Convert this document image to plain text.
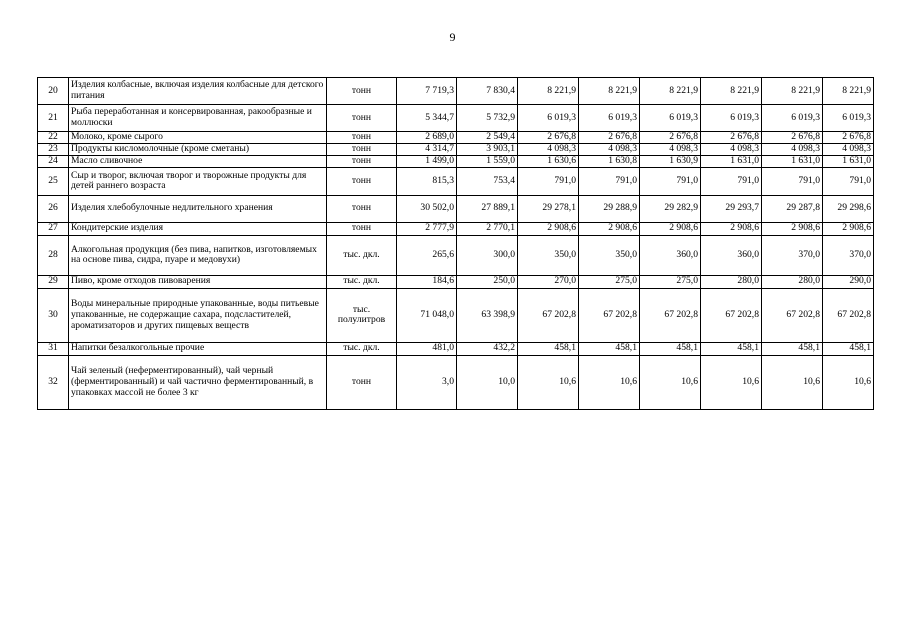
9
20	Изделия колбасные, включая изделия колбасные для детского питания	тонн	7 719,3	7 830,4	8 221,9	8 221,9	8 221,9	8 221,9	8 221,9	8 221,9
21	Рыба переработанная и консервированная, ракообразные и моллюски	тонн	5 344,7	5 732,9	6 019,3	6 019,3	6 019,3	6 019,3	6 019,3	6 019,3
22	Молоко, кроме сырого	тонн	2 689,0	2 549,4	2 676,8	2 676,8	2 676,8	2 676,8	2 676,8	2 676,8
23	Продукты кисломолочные (кроме сметаны)	тонн	4 314,7	3 903,1	4 098,3	4 098,3	4 098,3	4 098,3	4 098,3	4 098,3
24	Масло сливочное	тонн	1 499,0	1 559,0	1 630,6	1 630,8	1 630,9	1 631,0	1 631,0	1 631,0
25	Сыр и творог, включая творог и творожные продукты для детей раннего возраста	тонн	815,3	753,4	791,0	791,0	791,0	791,0	791,0	791,0
26	Изделия хлебобулочные недлительного хранения	тонн	30 502,0	27 889,1	29 278,1	29 288,9	29 282,9	29 293,7	29 287,8	29 298,6
27	Кондитерские изделия	тонн	2 777,9	2 770,1	2 908,6	2 908,6	2 908,6	2 908,6	2 908,6	2 908,6
28	Алкогольная продукция (без пива, напитков, изготовляемых на основе пива, сидра, пуаре и медовухи)	тыс. дкл.	265,6	300,0	350,0	350,0	360,0	360,0	370,0	370,0
29	Пиво, кроме отходов пивоварения	тыс. дкл.	184,6	250,0	270,0	275,0	275,0	280,0	280,0	290,0
30	Воды минеральные природные упакованные, воды питьевые упакованные, не содержащие сахара, подсластителей, ароматизаторов и других пищевых веществ	тыс. полулитров	71 048,0	63 398,9	67 202,8	67 202,8	67 202,8	67 202,8	67 202,8	67 202,8
31	Напитки безалкогольные прочие	тыс. дкл.	481,0	432,2	458,1	458,1	458,1	458,1	458,1	458,1
32	Чай зеленый (неферментированный), чай черный (ферментированный) и чай частично ферментированный, в упаковках массой не более 3 кг	тонн	3,0	10,0	10,6	10,6	10,6	10,6	10,6	10,6
